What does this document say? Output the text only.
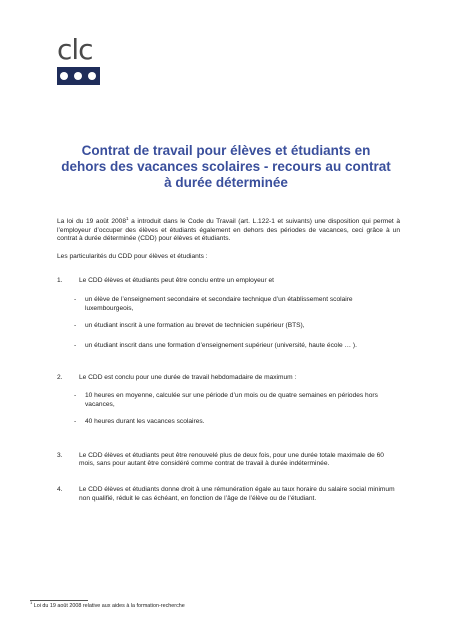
clc
Contrat de travail pour élèves et étudiants en
dehors des vacances scolaires - recours au contrat
à durée déterminée

La loi du 19 août 2008$^1$ a introduit dans le Code du Travail (art. L.122-1 et suivants) une disposition qui permet à l’employeur d’occuper des élèves et étudiants également en dehors des périodes de vacances, ceci grâce à un contrat à durée déterminée (CDD) pour élèves et étudiants.

Les particularités du CDD pour élèves et étudiants :

1.	Le CDD élèves et étudiants peut être conclu entre un employeur et
-	un élève de l’enseignement secondaire et secondaire technique d’un établissement scolaire luxembourgeois,
-	un étudiant inscrit à une formation au brevet de technicien supérieur (BTS),
-	un étudiant inscrit dans une formation d’enseignement supérieur (université, haute école … ).
2.	Le CDD est conclu pour une durée de travail hebdomadaire de maximum :
-	10 heures en moyenne, calculée sur une période d’un mois ou de quatre semaines en périodes hors vacances,
-	40 heures durant les vacances scolaires.
3.	Le CDD élèves et étudiants peut être renouvelé plus de deux fois, pour une durée totale maximale de 60 mois, sans pour autant être considéré comme contrat de travail à durée indéterminée.
4.	Le CDD élèves et étudiants donne droit à une rémunération égale au taux horaire du salaire social minimum non qualifié, réduit le cas échéant, en fonction de l’âge de l’élève ou de l’étudiant.
$^1$ Loi du 19 août 2008 relative aux aides à la formation-recherche
